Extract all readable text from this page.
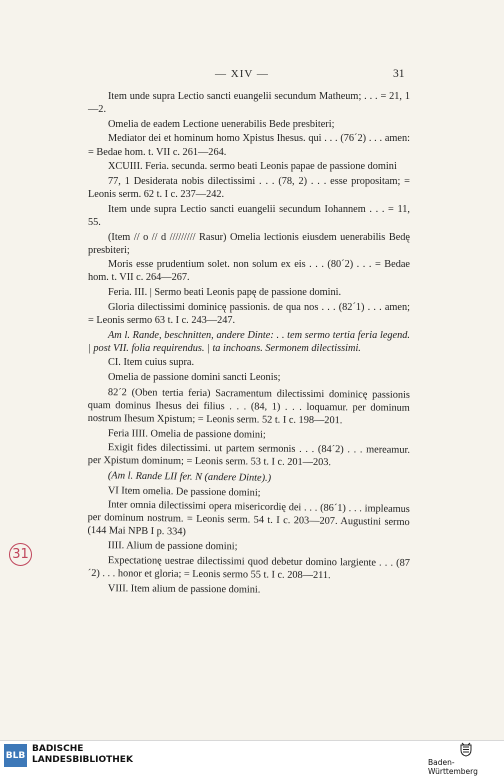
— XIV —	31

Item unde supra Lectio sancti euangelii secundum Matheum; . . . = 21, 1—2.

Omelia de eadem Lectione uenerabilis Bede presbiteri;

Mediator dei et hominum homo Xpistus Ihesus. qui . . . (76´2) . . . amen: = Bedae hom. t. VII c. 261—264.

XCUIII. Feria. secunda. sermo beati Leonis papae de passione domini

77, 1 Desiderata nobis dilectissimi . . . (78, 2) . . . esse propositam; = Leonis serm. 62 t. I c. 237—242.

Item unde supra Lectio sancti euangelii secundum Iohannem . . . = 11, 55.

(Item // o // d ///////// Rasur) Omelia lectionis eiusdem uenerabilis Bedę presbiteri;

Moris esse prudentium solet. non solum ex eis . . . (80´2) . . . = Bedae hom. t. VII c. 264—267.

Feria. III. | Sermo beati Leonis papę de passione domini.

Gloria dilectissimi dominicę passionis. de qua nos . . . (82´1) . . . amen; = Leonis sermo 63 t. I c. 243—247.

Am l. Rande, beschnitten, andere Dinte: . . tem sermo tertia feria legend. | post VII. folia requirendus. | ta inchoans. Sermonem dilectissimi.

CI. Item cuius supra.

Omelia de passione domini sancti Leonis;

82´2 (Oben tertia feria) Sacramentum dilectissimi dominicę passionis quam dominus Ihesus dei filius . . . (84, 1) . . . loquamur. per dominum nostrum Ihesum Xpistum; = Leonis serm. 52 t. I c. 198—201.

Feria IIII. Omelia de passione domini;

Exigit fides dilectissimi. ut partem sermonis . . . (84´2) . . . mereamur. per Xpistum dominum; = Leonis serm. 53 t. I c. 201—203.

(Am l. Rande LII fer. N (andere Dinte).)

VI Item omelia. De passione domini;

Inter omnia dilectissimi opera misericordię dei . . . (86´1) . . . impleamus per dominum nostrum. = Leonis serm. 54 t. I c. 203—207. Augustini sermo (144 Mai NPB I p. 334)

IIII. Alium de passione domini;

Expectationę uestrae dilectissimi quod debetur domino largiente . . . (87´2) . . . honor et gloria; = Leonis sermo 55 t. I c. 208—211.

VIII. Item alium de passione domini.

31
BLB
BADISCHE
LANDESBIBLIOTHEK	Baden-Württemberg
